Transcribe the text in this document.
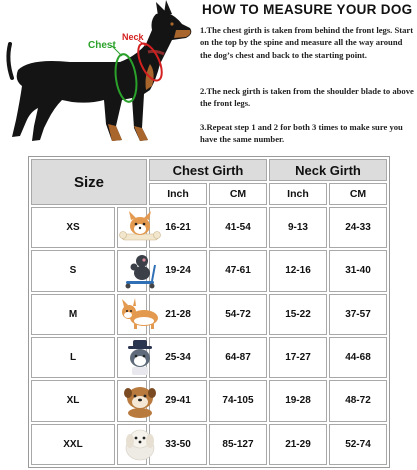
Chest
Neck
HOW TO MEASURE YOUR DOG
1.The chest girth is taken from behind the front legs. Start on the top by the spine and measure all the way around the dogʼs chest and back to the starting point.
2.The neck girth is taken from the shoulder blade to above the front legs.
3.Repeat step 1 and 2 for both 3 times to make sure you have the same number.
Size		Chest Girth		Neck Girth	
		Inch	CM	Inch	CM
XS		16-21	41-54	9-13	24-33
S		19-24	47-61	12-16	31-40
M		21-28	54-72	15-22	37-57
L		25-34	64-87	17-27	44-68
XL		29-41	74-105	19-28	48-72
XXL		33-50	85-127	21-29	52-74
